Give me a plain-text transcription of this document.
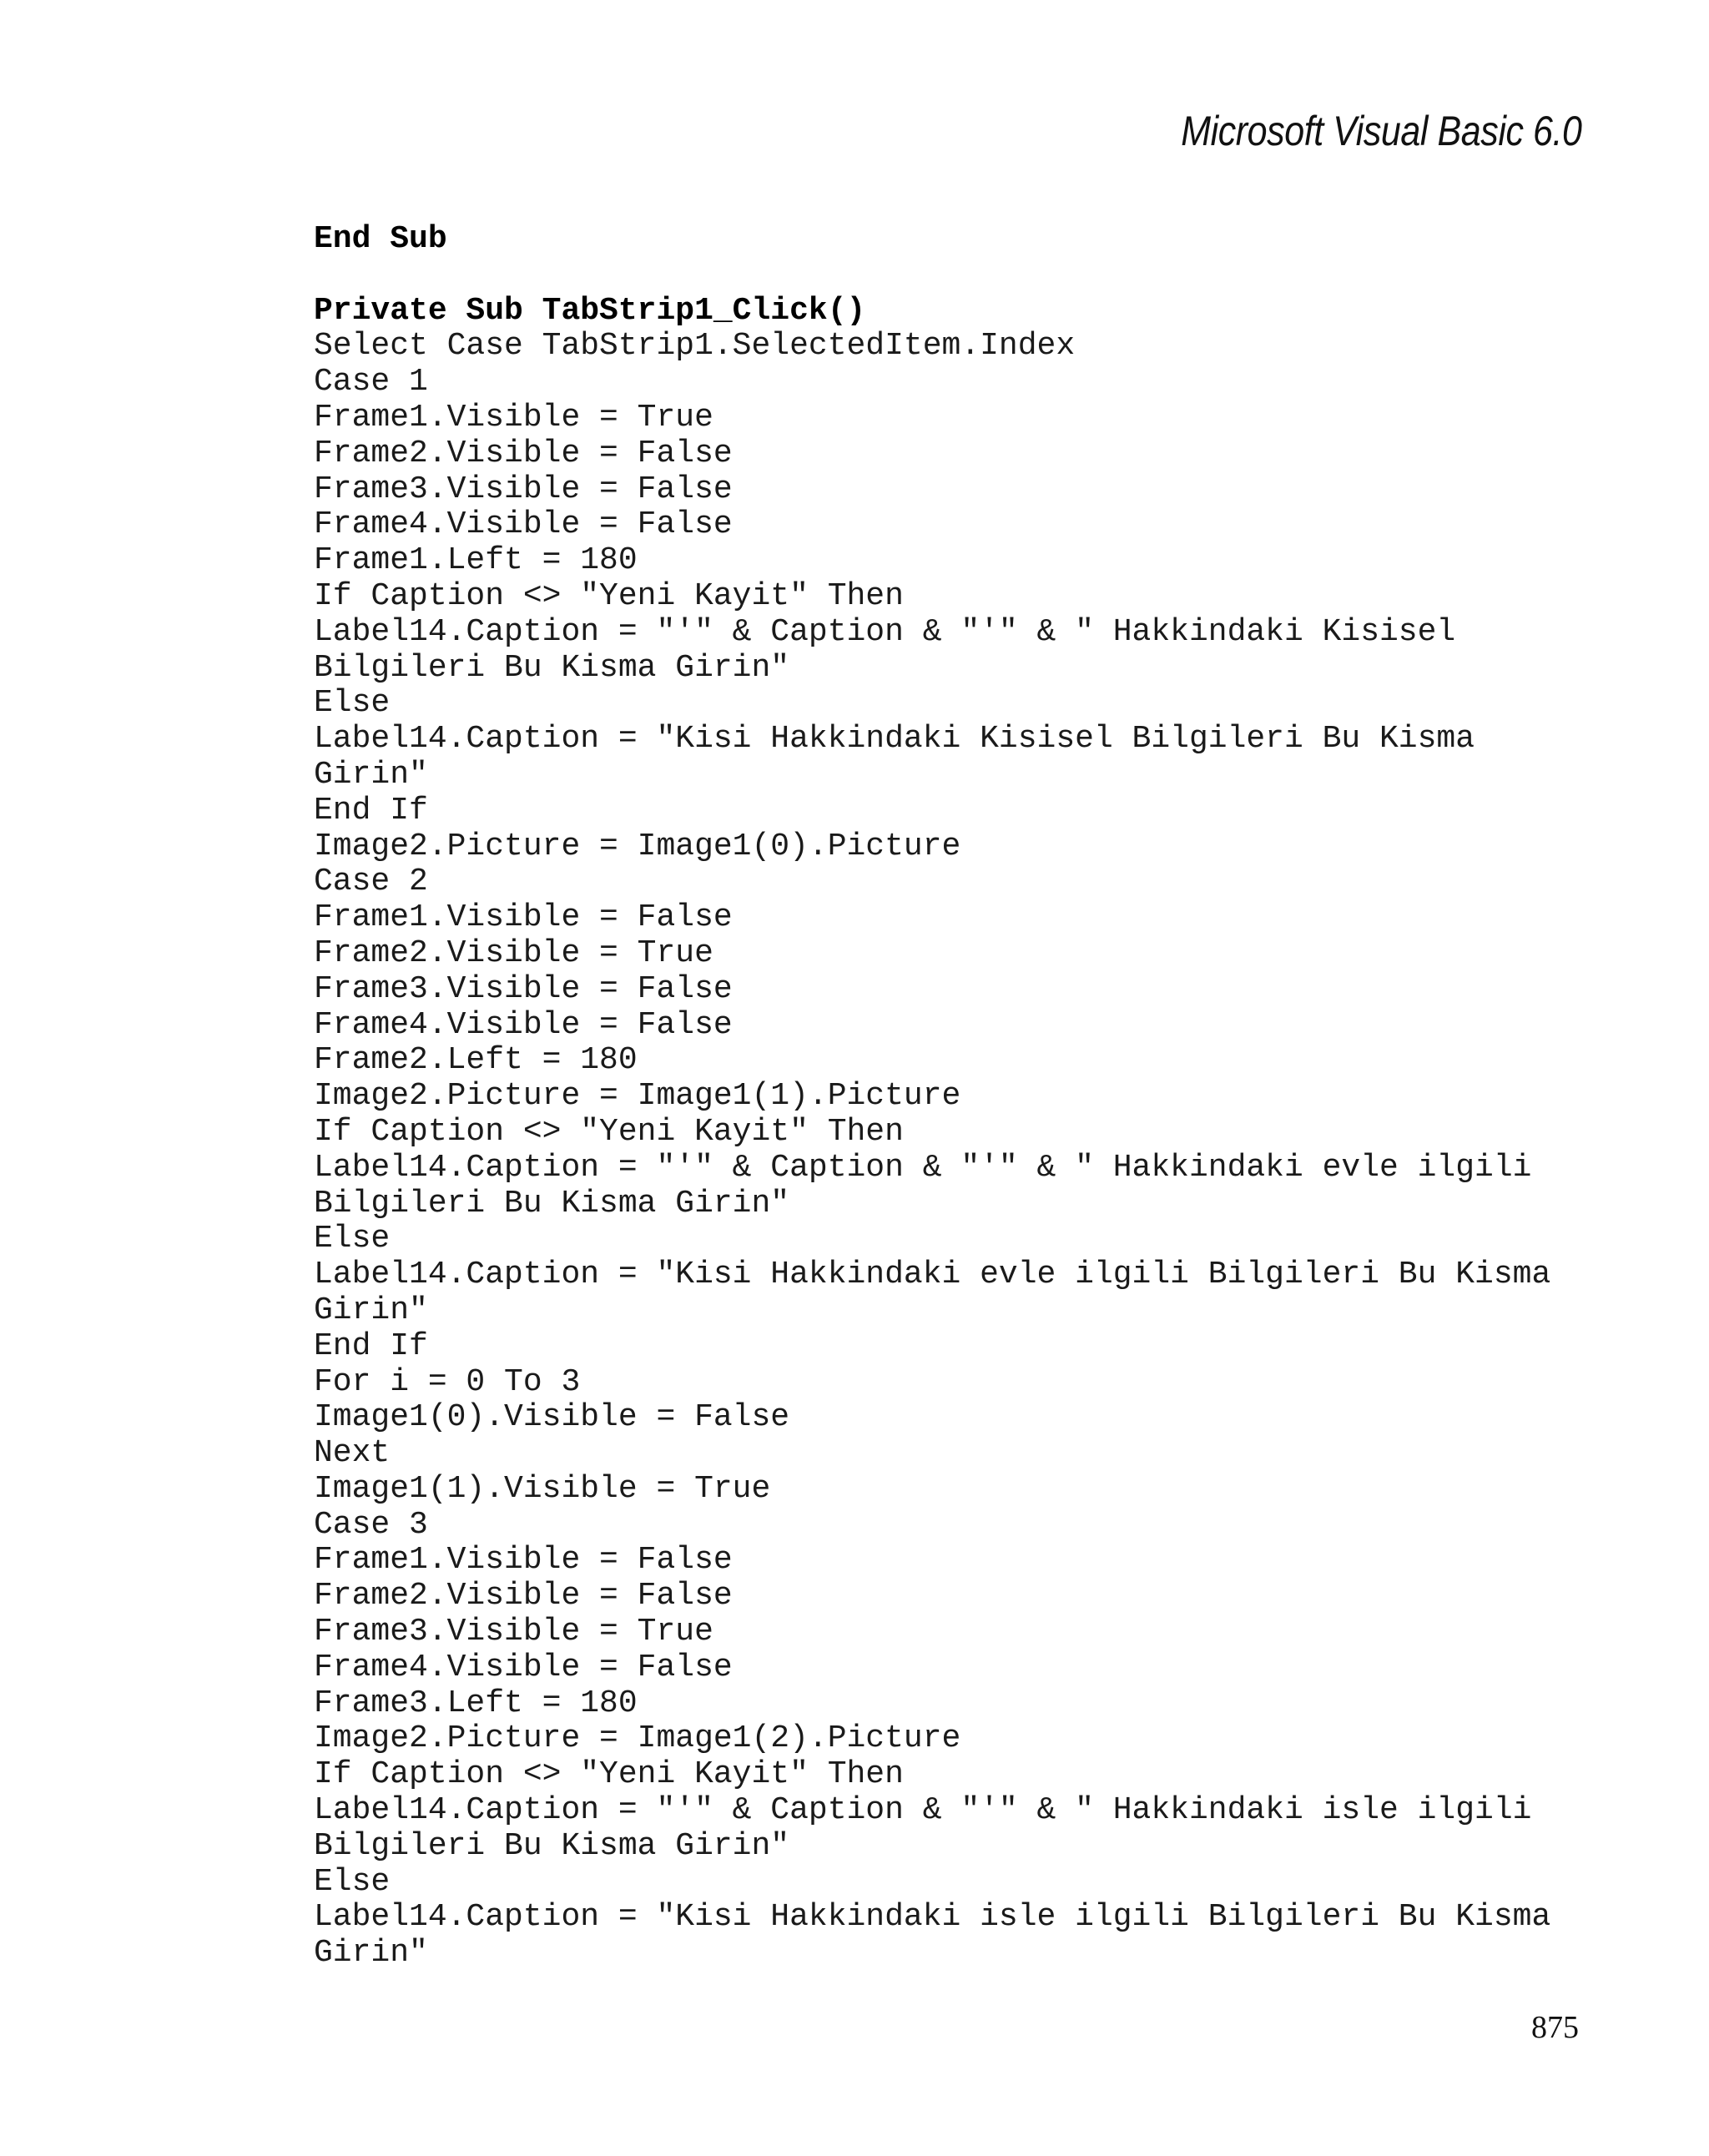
Microsoft Visual Basic 6.0
End Sub
Private Sub TabStrip1_Click()
Select Case TabStrip1.SelectedItem.Index
Case 1
Frame1.Visible = True
Frame2.Visible = False
Frame3.Visible = False
Frame4.Visible = False
Frame1.Left = 180
If Caption <> "Yeni Kayit" Then
Label14.Caption = "'" & Caption & "'" & " Hakkindaki Kisisel
Bilgileri Bu Kisma Girin"
Else
Label14.Caption = "Kisi Hakkindaki Kisisel Bilgileri Bu Kisma
Girin"
End If
Image2.Picture = Image1(0).Picture
Case 2
Frame1.Visible = False
Frame2.Visible = True
Frame3.Visible = False
Frame4.Visible = False
Frame2.Left = 180
Image2.Picture = Image1(1).Picture
If Caption <> "Yeni Kayit" Then
Label14.Caption = "'" & Caption & "'" & " Hakkindaki evle ilgili
Bilgileri Bu Kisma Girin"
Else
Label14.Caption = "Kisi Hakkindaki evle ilgili Bilgileri Bu Kisma
Girin"
End If
For i = 0 To 3
Image1(0).Visible = False
Next
Image1(1).Visible = True
Case 3
Frame1.Visible = False
Frame2.Visible = False
Frame3.Visible = True
Frame4.Visible = False
Frame3.Left = 180
Image2.Picture = Image1(2).Picture
If Caption <> "Yeni Kayit" Then
Label14.Caption = "'" & Caption & "'" & " Hakkindaki isle ilgili
Bilgileri Bu Kisma Girin"
Else
Label14.Caption = "Kisi Hakkindaki isle ilgili Bilgileri Bu Kisma
Girin"
875
